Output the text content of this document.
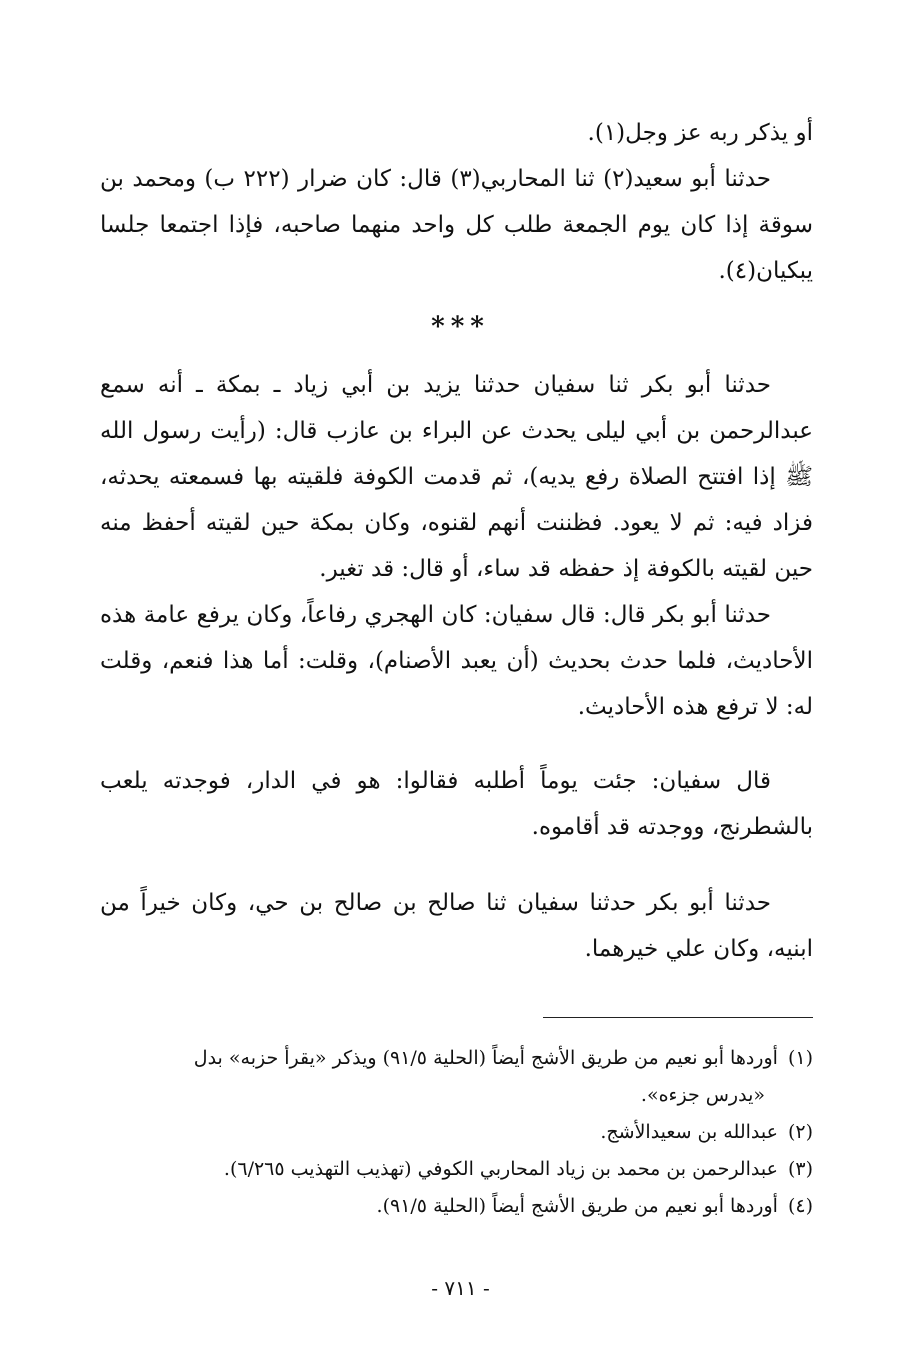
أو يذكر ربه عز وجل(١).

حدثنا أبو سعيد(٢) ثنا المحاربي(٣) قال: كان ضرار (٢٢٢ ب) ومحمد بن سوقة إذا كان يوم الجمعة طلب كل واحد منهما صاحبه، فإذا اجتمعا جلسا يبكيان(٤).

***

حدثنا أبو بكر ثنا سفيان حدثنا يزيد بن أبي زياد ـ بمكة ـ أنه سمع عبدالرحمن بن أبي ليلى يحدث عن البراء بن عازب قال: (رأيت رسول الله ﷺ إذا افتتح الصلاة رفع يديه)، ثم قدمت الكوفة فلقيته بها فسمعته يحدثه، فزاد فيه: ثم لا يعود. فظننت أنهم لقنوه، وكان بمكة حين لقيته أحفظ منه حين لقيته بالكوفة إذ حفظه قد ساء، أو قال: قد تغير.

حدثنا أبو بكر قال: قال سفيان: كان الهجري رفاعاً، وكان يرفع عامة هذه الأحاديث، فلما حدث بحديث (أن يعبد الأصنام)، وقلت: أما هذا فنعم، وقلت له: لا ترفع هذه الأحاديث.

قال سفيان: جئت يوماً أطلبه فقالوا: هو في الدار، فوجدته يلعب بالشطرنج، ووجدته قد أقاموه.

حدثنا أبو بكر حدثنا سفيان ثنا صالح بن صالح بن حي، وكان خيراً من ابنيه، وكان علي خيرهما.

(١)أوردها أبو نعيم من طريق الأشج أيضاً (الحلية ٩١/٥) ويذكر «يقرأ حزبه» بدل
«يدرس جزءه».
(٢)عبدالله بن سعيدالأشج.
(٣)عبدالرحمن بن محمد بن زياد المحاربي الكوفي (تهذيب التهذيب ٦/٢٦٥).
(٤)أوردها أبو نعيم من طريق الأشج أيضاً (الحلية ٩١/٥).
- ٧١١ -
